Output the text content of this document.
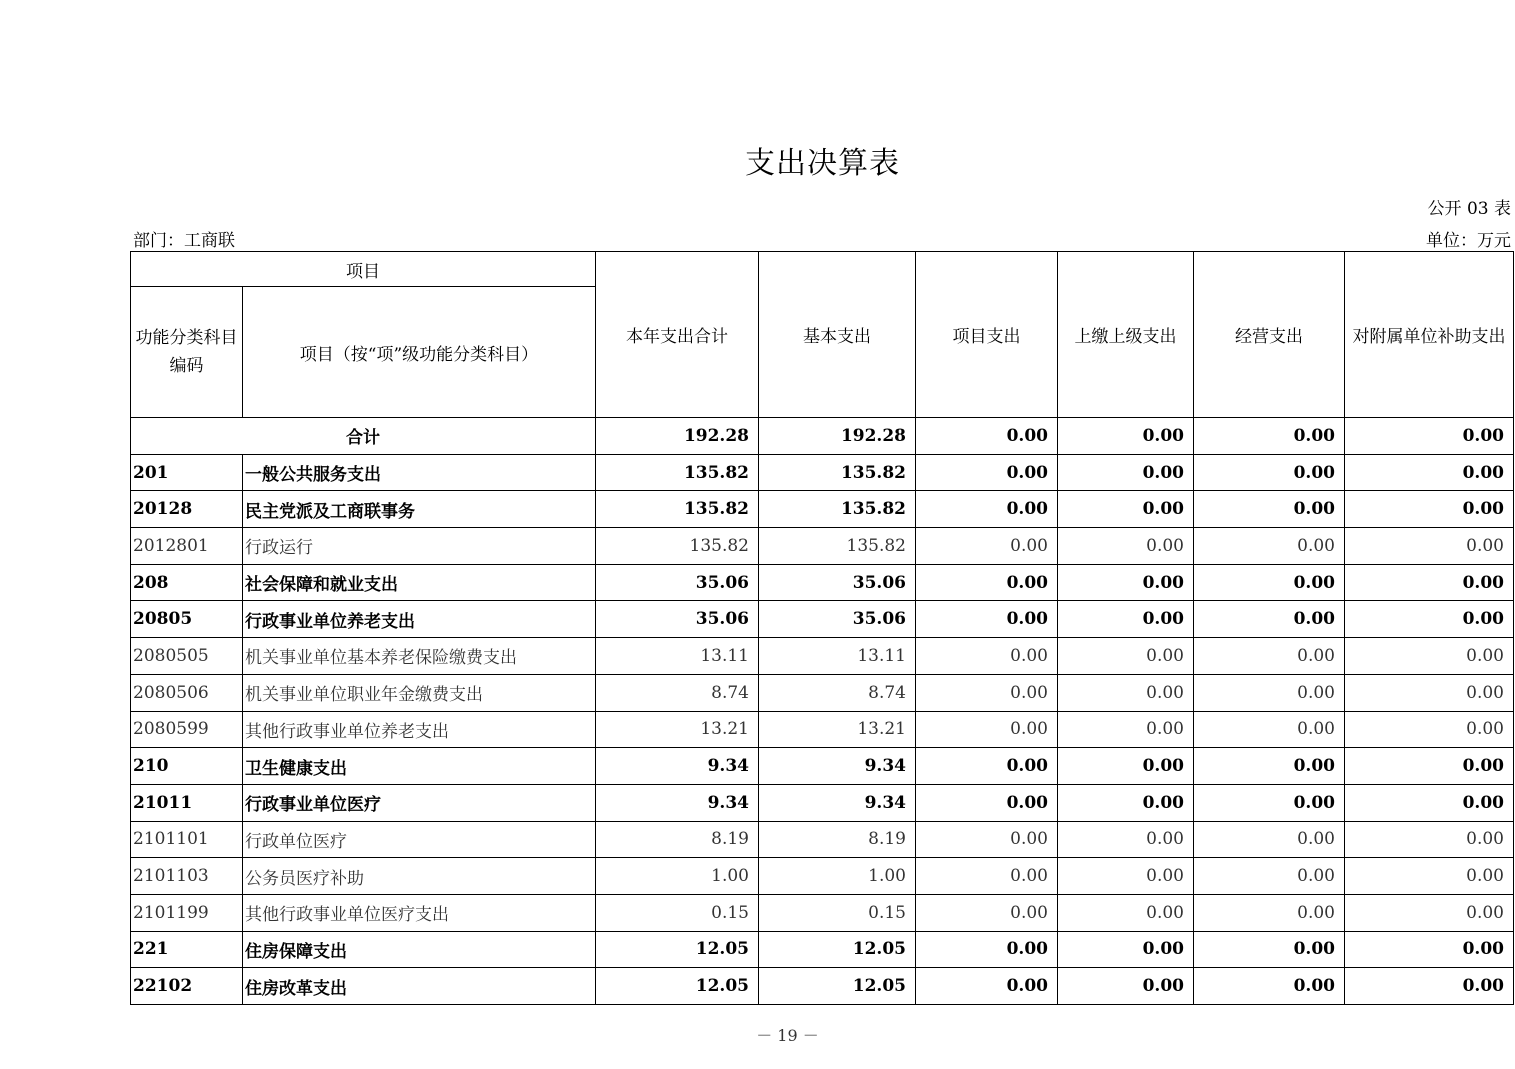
支出决算表
公开 03 表
部门：工商联	单位：万元
项目		本年支出合计	基本支出	项目支出	上缴上级支出	经营支出	对附属单位补助支出
功能分类科目编码	项目（按“项”级功能分类科目）						
合计		192.28	192.28	0.00	0.00	0.00	0.00
201	一般公共服务支出	135.82	135.82	0.00	0.00	0.00	0.00
20128	民主党派及工商联事务	135.82	135.82	0.00	0.00	0.00	0.00
2012801	行政运行	135.82	135.82	0.00	0.00	0.00	0.00
208	社会保障和就业支出	35.06	35.06	0.00	0.00	0.00	0.00
20805	行政事业单位养老支出	35.06	35.06	0.00	0.00	0.00	0.00
2080505	机关事业单位基本养老保险缴费支出	13.11	13.11	0.00	0.00	0.00	0.00
2080506	机关事业单位职业年金缴费支出	8.74	8.74	0.00	0.00	0.00	0.00
2080599	其他行政事业单位养老支出	13.21	13.21	0.00	0.00	0.00	0.00
210	卫生健康支出	9.34	9.34	0.00	0.00	0.00	0.00
21011	行政事业单位医疗	9.34	9.34	0.00	0.00	0.00	0.00
2101101	行政单位医疗	8.19	8.19	0.00	0.00	0.00	0.00
2101103	公务员医疗补助	1.00	1.00	0.00	0.00	0.00	0.00
2101199	其他行政事业单位医疗支出	0.15	0.15	0.00	0.00	0.00	0.00
221	住房保障支出	12.05	12.05	0.00	0.00	0.00	0.00
22102	住房改革支出	12.05	12.05	0.00	0.00	0.00	0.00
－ 19 －
